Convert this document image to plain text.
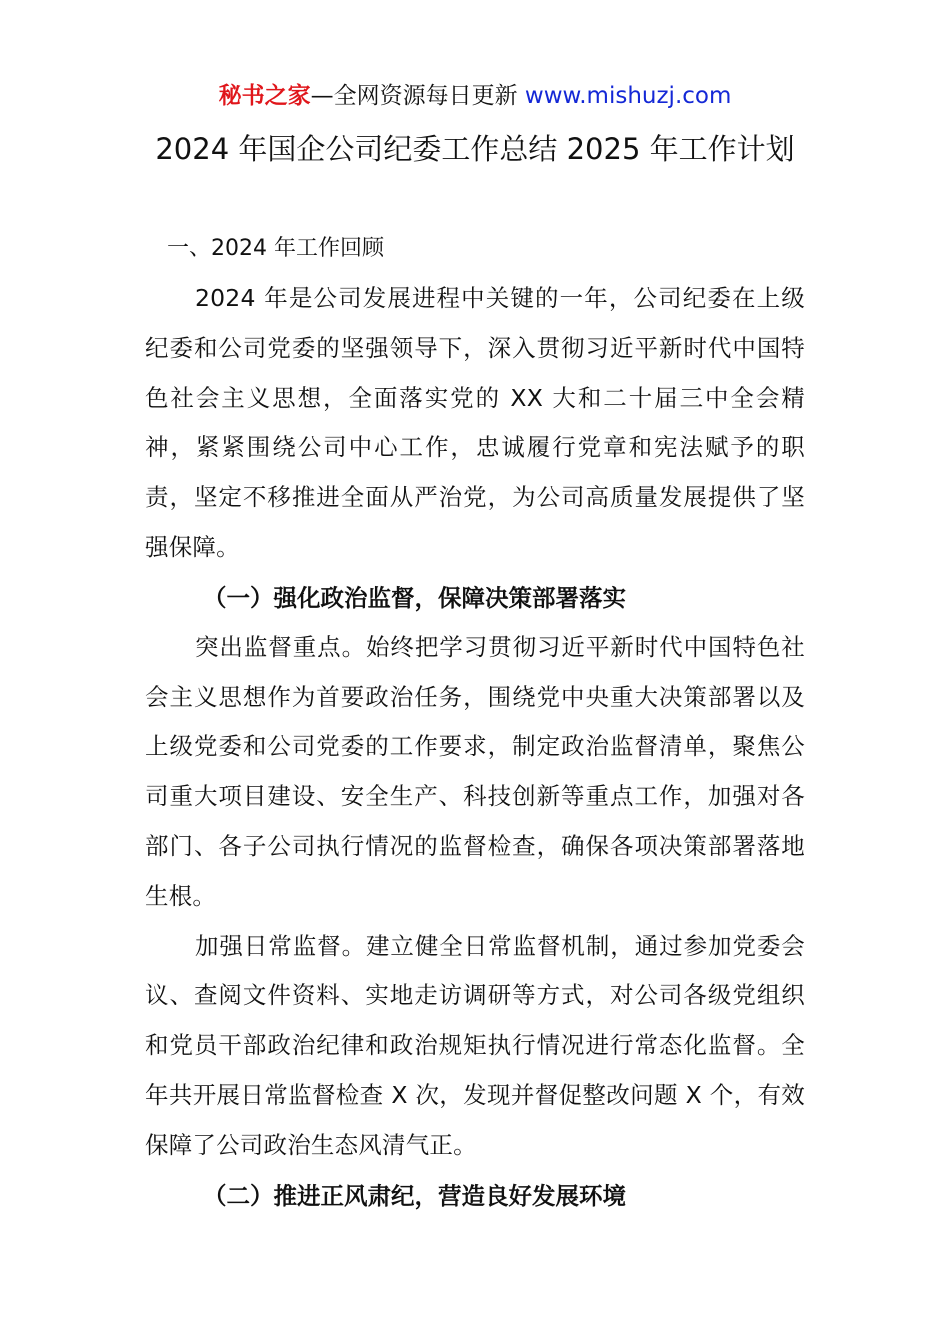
秘书之家—全网资源每日更新 www.mishuzj.com
2024 年国企公司纪委工作总结 2025 年工作计划
一、2024 年工作回顾

2024 年是公司发展进程中关键的一年，公司纪委在上级纪委和公司党委的坚强领导下，深入贯彻习近平新时代中国特色社会主义思想，全面落实党的 XX 大和二十届三中全会精神，紧紧围绕公司中心工作，忠诚履行党章和宪法赋予的职责，坚定不移推进全面从严治党，为公司高质量发展提供了坚强保障。

（一）强化政治监督，保障决策部署落实

突出监督重点。始终把学习贯彻习近平新时代中国特色社会主义思想作为首要政治任务，围绕党中央重大决策部署以及上级党委和公司党委的工作要求，制定政治监督清单，聚焦公司重大项目建设、安全生产、科技创新等重点工作，加强对各部门、各子公司执行情况的监督检查，确保各项决策部署落地生根。

加强日常监督。建立健全日常监督机制，通过参加党委会议、查阅文件资料、实地走访调研等方式，对公司各级党组织和党员干部政治纪律和政治规矩执行情况进行常态化监督。全年共开展日常监督检查 X 次，发现并督促整改问题 X 个，有效保障了公司政治生态风清气正。

（二）推进正风肃纪，营造良好发展环境
